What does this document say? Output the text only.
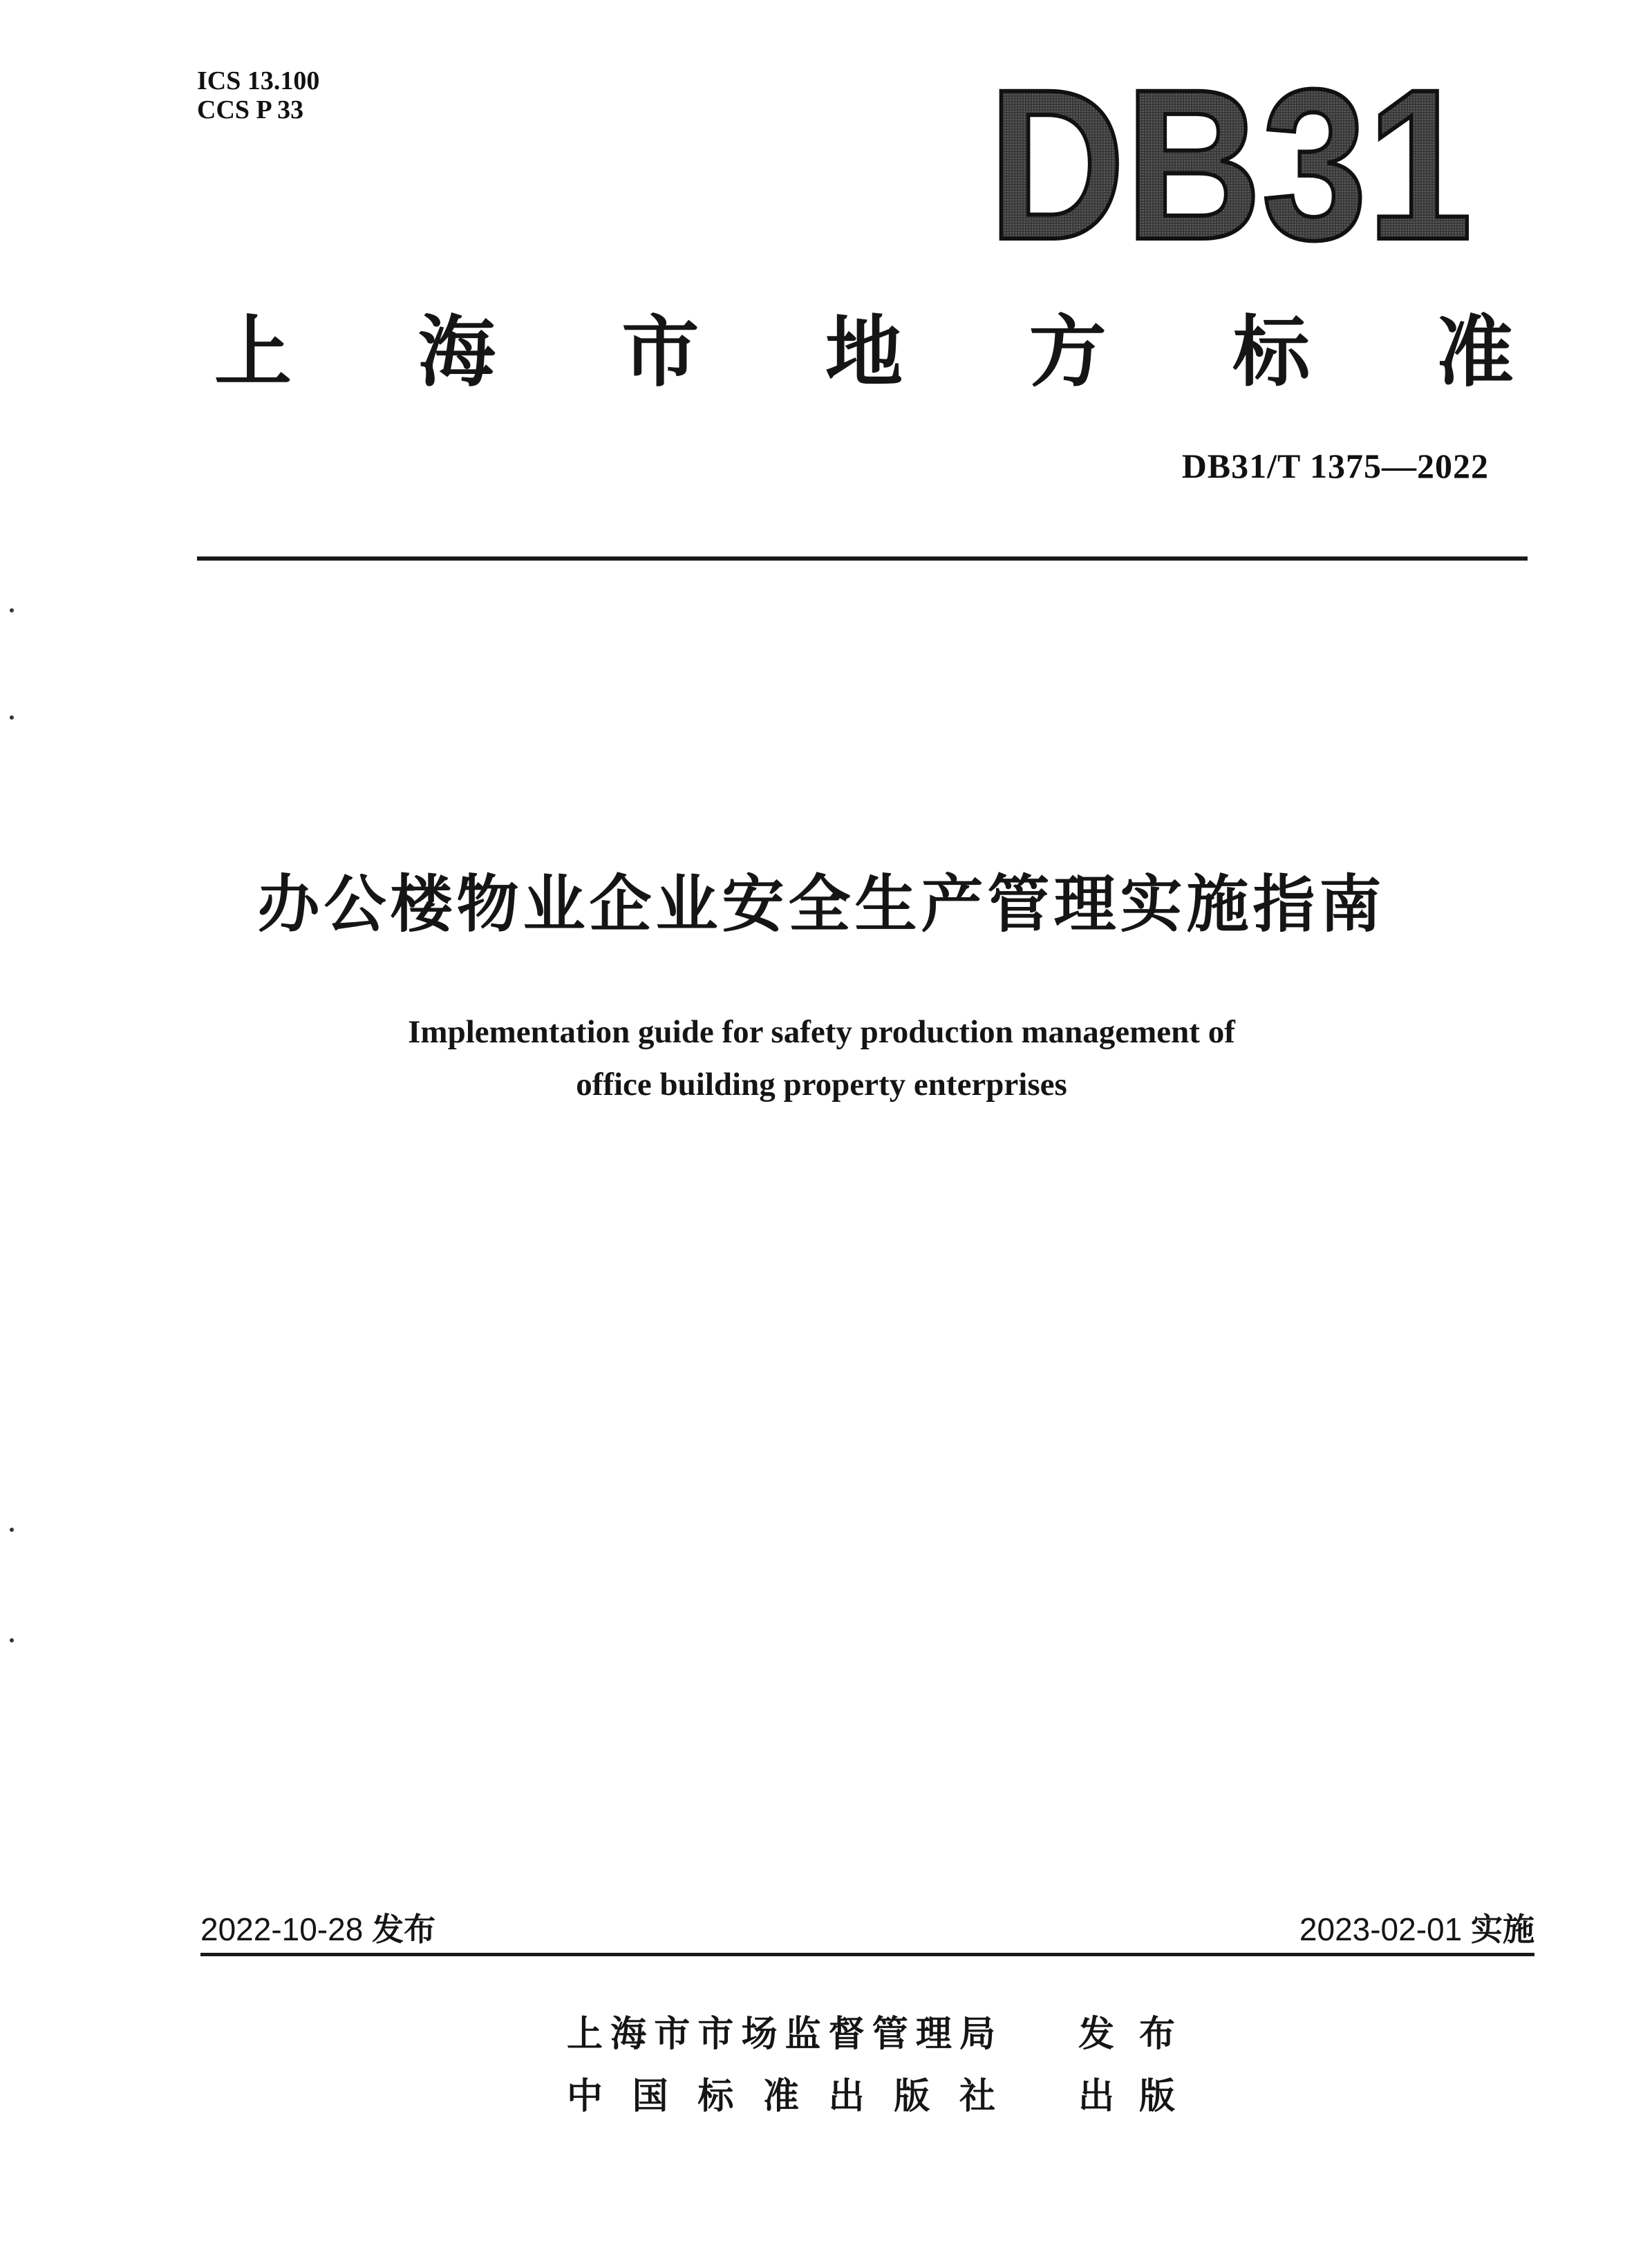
ICS 13.100
CCS P 33	DB31
上 海 市 地 方 标 准
DB31/T 1375—2022
办公楼物业企业安全生产管理实施指南
Implementation guide for safety production management of
office building property enterprises
2022-10-28 发布	2023-02-01 实施
上 海 市 市 场 监 督 管 理 局 发 布
中 国 标 准 出 版 社 出 版
